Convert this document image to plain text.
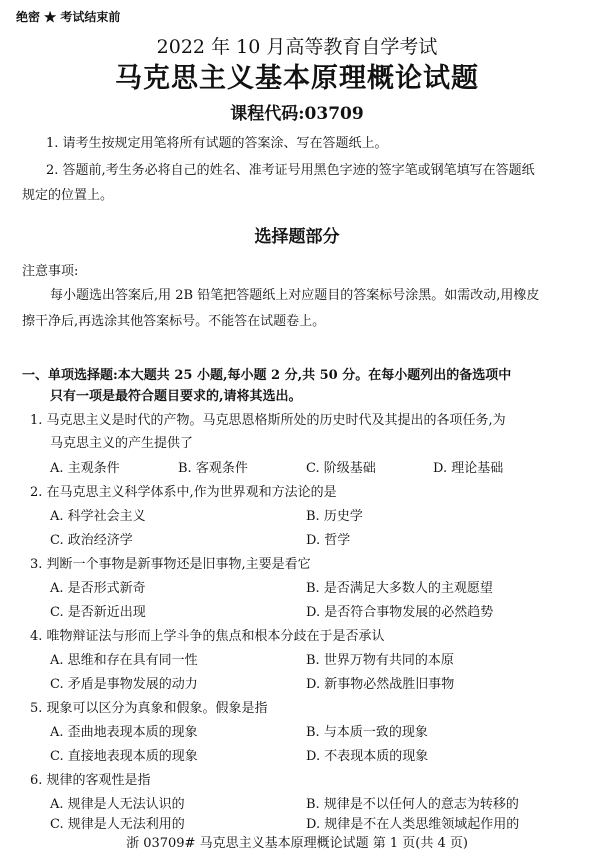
绝密 ★ 考试结束前
2022 年 10 月高等教育自学考试
马克思主义基本原理概论试题
课程代码:03709
1. 请考生按规定用笔将所有试题的答案涂、写在答题纸上。
2. 答题前,考生务必将自己的姓名、准考证号用黑色字迹的签字笔或钢笔填写在答题纸
规定的位置上。
选择题部分
注意事项:
每小题选出答案后,用 2B 铅笔把答题纸上对应题目的答案标号涂黑。如需改动,用橡皮
擦干净后,再选涂其他答案标号。不能答在试题卷上。
一、单项选择题:本大题共 25 小题,每小题 2 分,共 50 分。在每小题列出的备选项中
只有一项是最符合题目要求的,请将其选出。
1. 马克思主义是时代的产物。马克思恩格斯所处的历史时代及其提出的各项任务,为
马克思主义的产生提供了
A. 主观条件	B. 客观条件	C. 阶级基础	D. 理论基础
2. 在马克思主义科学体系中,作为世界观和方法论的是
A. 科学社会主义	B. 历史学
C. 政治经济学	D. 哲学
3. 判断一个事物是新事物还是旧事物,主要是看它
A. 是否形式新奇	B. 是否满足大多数人的主观愿望
C. 是否新近出现	D. 是否符合事物发展的必然趋势
4. 唯物辩证法与形而上学斗争的焦点和根本分歧在于是否承认
A. 思维和存在具有同一性	B. 世界万物有共同的本原
C. 矛盾是事物发展的动力	D. 新事物必然战胜旧事物
5. 现象可以区分为真象和假象。假象是指
A. 歪曲地表现本质的现象	B. 与本质一致的现象
C. 直接地表现本质的现象	D. 不表现本质的现象
6. 规律的客观性是指
A. 规律是人无法认识的	B. 规律是不以任何人的意志为转移的
C. 规律是人无法利用的	D. 规律是不在人类思维领域起作用的
浙 03709# 马克思主义基本原理概论试题 第 1 页(共 4 页)
